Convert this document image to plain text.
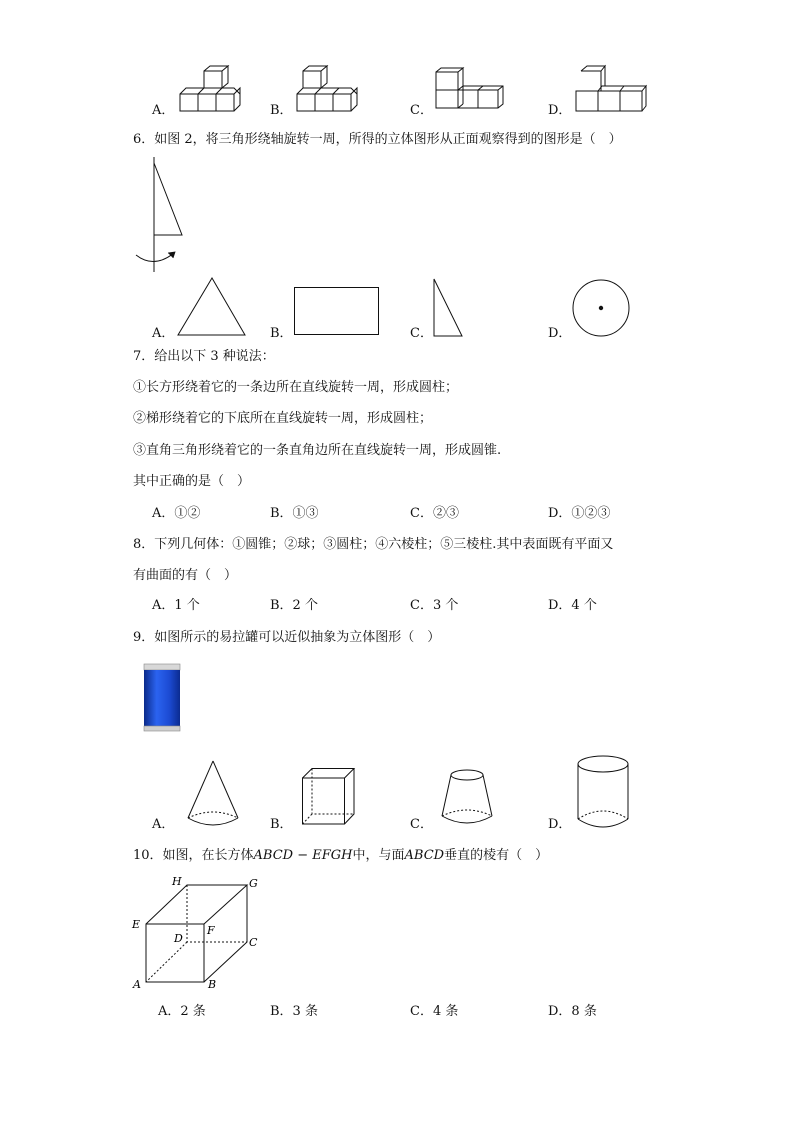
A．	B．	C．	D．
6．如图 2，将三角形绕轴旋转一周，所得的立体图形从正面观察得到的图形是（　）
A．	B．	C．	D．
7．给出以下 3 种说法：
①长方形绕着它的一条边所在直线旋转一周，形成圆柱；
②梯形绕着它的下底所在直线旋转一周，形成圆柱；
③直角三角形绕着它的一条直角边所在直线旋转一周，形成圆锥.
其中正确的是（　）
A．①②	B．①③	C．②③	D．①②③
8．下列几何体：①圆锥；②球；③圆柱；④六棱柱；⑤三棱柱.其中表面既有平面又
有曲面的有（　）
A．1 个	B．2 个	C．3 个	D．4 个
9．如图所示的易拉罐可以近似抽象为立体图形（　）
A．	B．	C．	D．
10．如图，在长方体ABCD − EFGH中，与面ABCD垂直的棱有（　）
H	G
E
D
F
C
A	B
A．2 条	B．3 条	C．4 条	D．8 条
